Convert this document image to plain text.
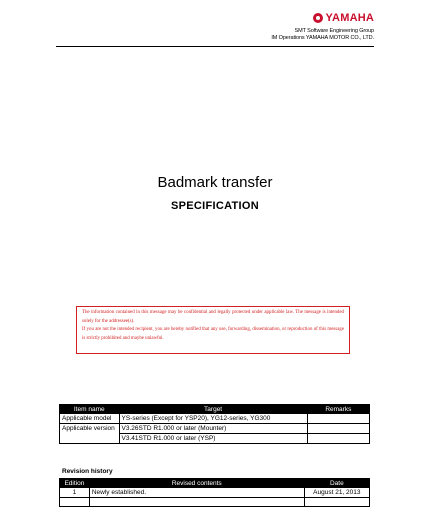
YAMAHA
SMT Software Engineering Group
IM Operations YAMAHA MOTOR CO., LTD.
Badmark transfer
SPECIFICATION

The information contained in this message may be confidential and legally protected under applicable law. The message is intended solely for the addressee(s).

If you are not the intended recipient, you are hereby notified that any use, forwarding, dissemination, or reproduction of this message is strictly prohibited and maybe unlawful.

Item name	Target	Remarks
Applicable model	YS-series (Except for YSP20), YG12-series, YG300	
Applicable version	V3.26STD R1.000 or later (Mounter)	
	V3.41STD R1.000 or later (YSP)	
Revision history
Edition	Revised contents	Date
1	Newly established.	August 21, 2013
